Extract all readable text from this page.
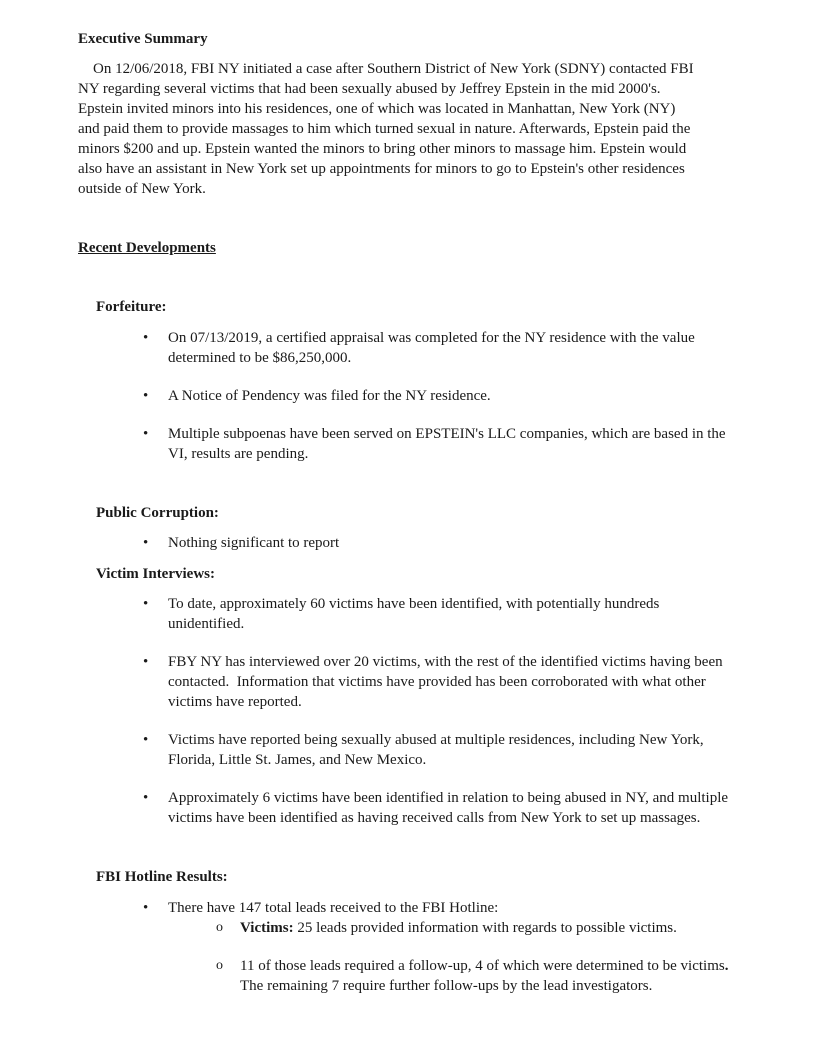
Executive Summary
On 12/06/2018, FBI NY initiated a case after Southern District of New York (SDNY) contacted FBI
NY regarding several victims that had been sexually abused by Jeffrey Epstein in the mid 2000's.
Epstein invited minors into his residences, one of which was located in Manhattan, New York (NY)
and paid them to provide massages to him which turned sexual in nature. Afterwards, Epstein paid the
minors $200 and up. Epstein wanted the minors to bring other minors to massage him. Epstein would
also have an assistant in New York set up appointments for minors to go to Epstein's other residences
outside of New York.
Recent Developments
Forfeiture:
• On 07/13/2019, a certified appraisal was completed for the NY residence with the value
determined to be $86,250,000.
• A Notice of Pendency was filed for the NY residence.
• Multiple subpoenas have been served on EPSTEIN's LLC companies, which are based in the
VI, results are pending.
Public Corruption:
• Nothing significant to report
Victim Interviews:
• To date, approximately 60 victims have been identified, with potentially hundreds
unidentified.
• FBY NY has interviewed over 20 victims, with the rest of the identified victims having been
contacted.  Information that victims have provided has been corroborated with what other
victims have reported.
• Victims have reported being sexually abused at multiple residences, including New York,
Florida, Little St. James, and New Mexico.
• Approximately 6 victims have been identified in relation to being abused in NY, and multiple
victims have been identified as having received calls from New York to set up massages.
FBI Hotline Results:
• There have 147 total leads received to the FBI Hotline:
o Victims: 25 leads provided information with regards to possible victims.
o 11 of those leads required a follow-up, 4 of which were determined to be victims.
The remaining 7 require further follow-ups by the lead investigators.
